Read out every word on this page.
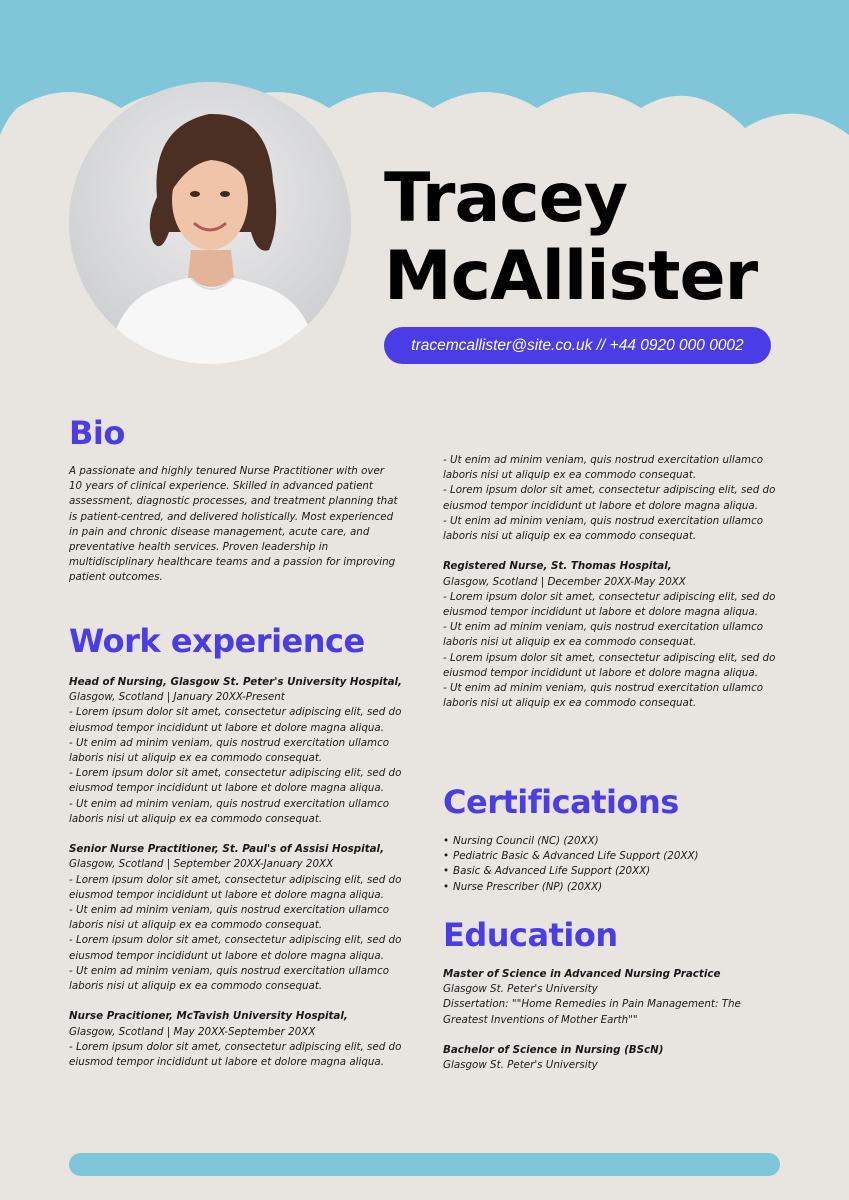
Tracey
McAllister
tracemcallister@site.co.uk // +44 0920 000 0002
Bio

A passionate and highly tenured Nurse Practitioner with over 10 years of clinical experience. Skilled in advanced patient assessment, diagnostic processes, and treatment planning that is patient-centred, and delivered holistically. Most experienced in pain and chronic disease management, acute care, and preventative health services. Proven leadership in multidisciplinary healthcare teams and a passion for improving patient outcomes.

Work experience

Head of Nursing, Glasgow St. Peter's University Hospital,

Glasgow, Scotland | January 20XX-Present

- Lorem ipsum dolor sit amet, consectetur adipiscing elit, sed do eiusmod tempor incididunt ut labore et dolore magna aliqua.

- Ut enim ad minim veniam, quis nostrud exercitation ullamco laboris nisi ut aliquip ex ea commodo consequat.

- Lorem ipsum dolor sit amet, consectetur adipiscing elit, sed do eiusmod tempor incididunt ut labore et dolore magna aliqua.

- Ut enim ad minim veniam, quis nostrud exercitation ullamco laboris nisi ut aliquip ex ea commodo consequat.

Senior Nurse Practitioner, St. Paul's of Assisi Hospital,

Glasgow, Scotland | September 20XX-January 20XX

- Lorem ipsum dolor sit amet, consectetur adipiscing elit, sed do eiusmod tempor incididunt ut labore et dolore magna aliqua.

- Ut enim ad minim veniam, quis nostrud exercitation ullamco laboris nisi ut aliquip ex ea commodo consequat.

- Lorem ipsum dolor sit amet, consectetur adipiscing elit, sed do eiusmod tempor incididunt ut labore et dolore magna aliqua.

- Ut enim ad minim veniam, quis nostrud exercitation ullamco laboris nisi ut aliquip ex ea commodo consequat.

Nurse Pracitioner, McTavish University Hospital,

Glasgow, Scotland | May 20XX-September 20XX

- Lorem ipsum dolor sit amet, consectetur adipiscing elit, sed do eiusmod tempor incididunt ut labore et dolore magna aliqua.

- Ut enim ad minim veniam, quis nostrud exercitation ullamco laboris nisi ut aliquip ex ea commodo consequat.

- Lorem ipsum dolor sit amet, consectetur adipiscing elit, sed do eiusmod tempor incididunt ut labore et dolore magna aliqua.

- Ut enim ad minim veniam, quis nostrud exercitation ullamco laboris nisi ut aliquip ex ea commodo consequat.

Registered Nurse, St. Thomas Hospital,

Glasgow, Scotland | December 20XX-May 20XX

- Lorem ipsum dolor sit amet, consectetur adipiscing elit, sed do eiusmod tempor incididunt ut labore et dolore magna aliqua.

- Ut enim ad minim veniam, quis nostrud exercitation ullamco laboris nisi ut aliquip ex ea commodo consequat.

- Lorem ipsum dolor sit amet, consectetur adipiscing elit, sed do eiusmod tempor incididunt ut labore et dolore magna aliqua.

- Ut enim ad minim veniam, quis nostrud exercitation ullamco laboris nisi ut aliquip ex ea commodo consequat.

Certifications
• Nursing Council (NC) (20XX)
• Pediatric Basic & Advanced Life Support (20XX)
• Basic & Advanced Life Support (20XX)
• Nurse Prescriber (NP) (20XX)
Education

Master of Science in Advanced Nursing Practice

Glasgow St. Peter's University

Dissertation: ""Home Remedies in Pain Management: The Greatest Inventions of Mother Earth""

Bachelor of Science in Nursing (BScN)

Glasgow St. Peter's University
